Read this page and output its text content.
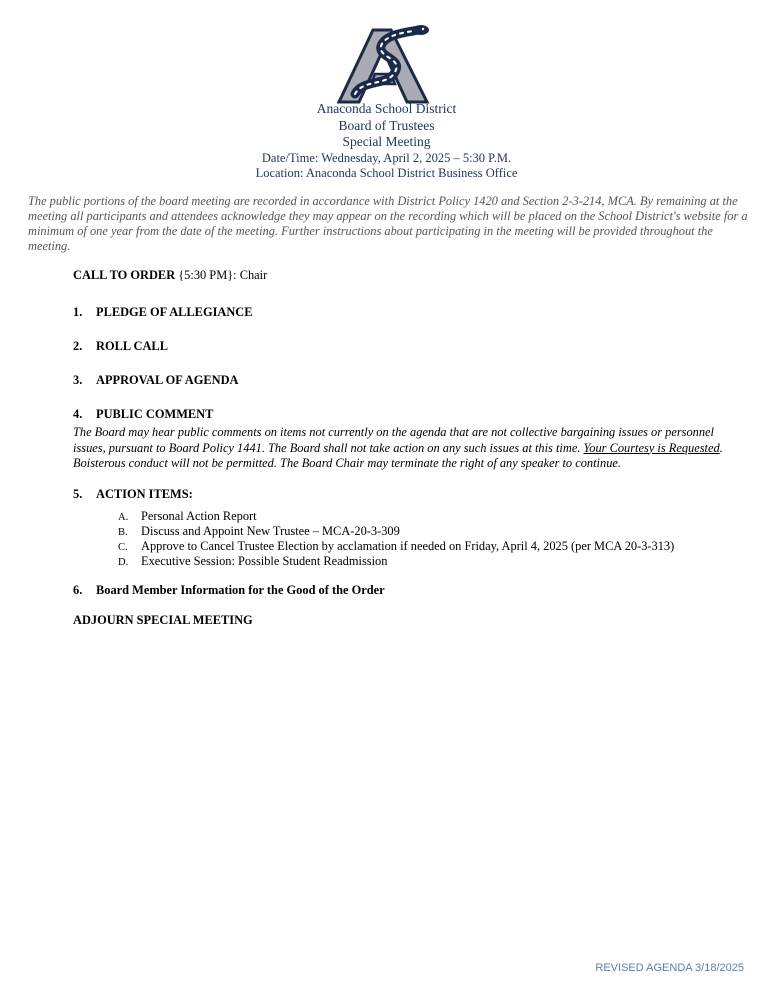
Anaconda School District
Board of Trustees
Special Meeting
Date/Time: Wednesday, April 2, 2025 – 5:30 P.M.
Location: Anaconda School District Business Office
The public portions of the board meeting are recorded in accordance with District Policy 1420 and Section 2-3-214, MCA. By remaining at the meeting all participants and attendees acknowledge they may appear on the recording which will be placed on the School District's website for a minimum of one year from the date of the meeting. Further instructions about participating in the meeting will be provided throughout the meeting.
CALL TO ORDER {5:30 PM}: Chair
1. PLEDGE OF ALLEGIANCE
2. ROLL CALL
3. APPROVAL OF AGENDA
4. PUBLIC COMMENT
The Board may hear public comments on items not currently on the agenda that are not collective bargaining issues or personnel issues, pursuant to Board Policy 1441. The Board shall not take action on any such issues at this time. Your Courtesy is Requested. Boisterous conduct will not be permitted. The Board Chair may terminate the right of any speaker to continue.
5. ACTION ITEMS:
A. Personal Action Report
B. Discuss and Appoint New Trustee – MCA-20-3-309
C. Approve to Cancel Trustee Election by acclamation if needed on Friday, April 4, 2025 (per MCA 20-3-313)
D. Executive Session: Possible Student Readmission
6. Board Member Information for the Good of the Order
ADJOURN SPECIAL MEETING
REVISED AGENDA 3/18/2025
